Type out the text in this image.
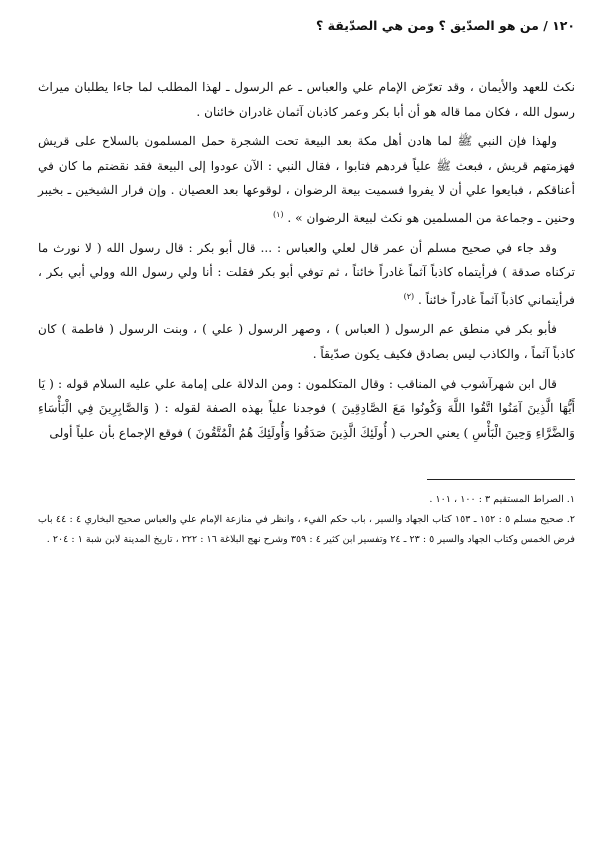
١٢٠ / من هو الصدّيق ؟ ومن هي الصدّيقة ؟

نكث للعهد والأيمان ، وقد تعرّض الإمام علي والعباس ـ عم الرسول ـ لهذا المطلب لما جاءا يطلبان ميراث رسول الله ، فكان مما قاله هو أن أبا بكر وعمر كاذبان آثمان غادران خائنان .

ولهذا فإن النبي ﷺ لما هادن أهل مكة بعد البيعة تحت الشجرة حمل المسلمون بالسلاح على قريش فهزمتهم قريش ، فبعث ﷺ علياً فردهم فتابوا ، فقال النبي : الآن عودوا إلى البيعة فقد نقضتم ما كان في أعناقكم ، فبايعوا علي أن لا يفروا فسميت بيعة الرضوان ، لوقوعها بعد العصيان . وإن فرار الشيخين ـ بخيبر وحنين ـ وجماعة من المسلمين هو نكث لبيعة الرضوان » . $^{(١)}$

وقد جاء في صحيح مسلم أن عمر قال لعلي والعباس : ... قال أبو بكر : قال رسول الله ( لا نورث ما تركناه صدقة ) فرأيتماه كاذباً آثماً غادراً خائناً ، ثم توفي أبو بكر فقلت : أنا ولي رسول الله وولي أبي بكر ، فرأيتماني كاذباً آثماً غادراً خائناً . $^{(٢)}$

فأبو بكر في منطق عم الرسول ( العباس ) ، وصهر الرسول ( علي ) ، وبنت الرسول ( فاطمة ) كان كاذباً آثماً ، والكاذب ليس بصادق فكيف يكون صدّيقاً .

قال ابن شهرآشوب في المناقب : وقال المتكلمون : ومن الدلالة على إمامة علي عليه السلام قوله : ( يَا أَيُّهَا الَّذِينَ آمَنُوا اتَّقُوا اللَّهَ وَكُونُوا مَعَ الصَّادِقِينَ ) فوجدنا علياً بهذه الصفة لقوله : ( وَالصَّابِرِينَ فِي الْبَأْسَاءِ وَالضَّرَّاءِ وَحِينَ الْبَأْسِ ) يعني الحرب ( أُولَئِكَ الَّذِينَ صَدَقُوا وَأُولَئِكَ هُمُ الْمُتَّقُونَ ) فوقع الإجماع بأن علياً أولى

١. الصراط المستقيم ٣ : ١٠٠ ، ١٠١ .

٢. صحيح مسلم ٥ : ١٥٢ ـ ١٥٣ كتاب الجهاد والسير ، باب حكم الفيء ، وانظر في منازعة الإمام علي والعباس صحيح البخاري ٤ : ٤٤ باب فرض الخمس وكتاب الجهاد والسير ٥ : ٢٣ ـ ٢٤ وتفسير ابن كثير ٤ : ٣٥٩ وشرح نهج البلاغة ١٦ : ٢٢٢ ، تاريخ المدينة لابن شبة ١ : ٢٠٤ .
